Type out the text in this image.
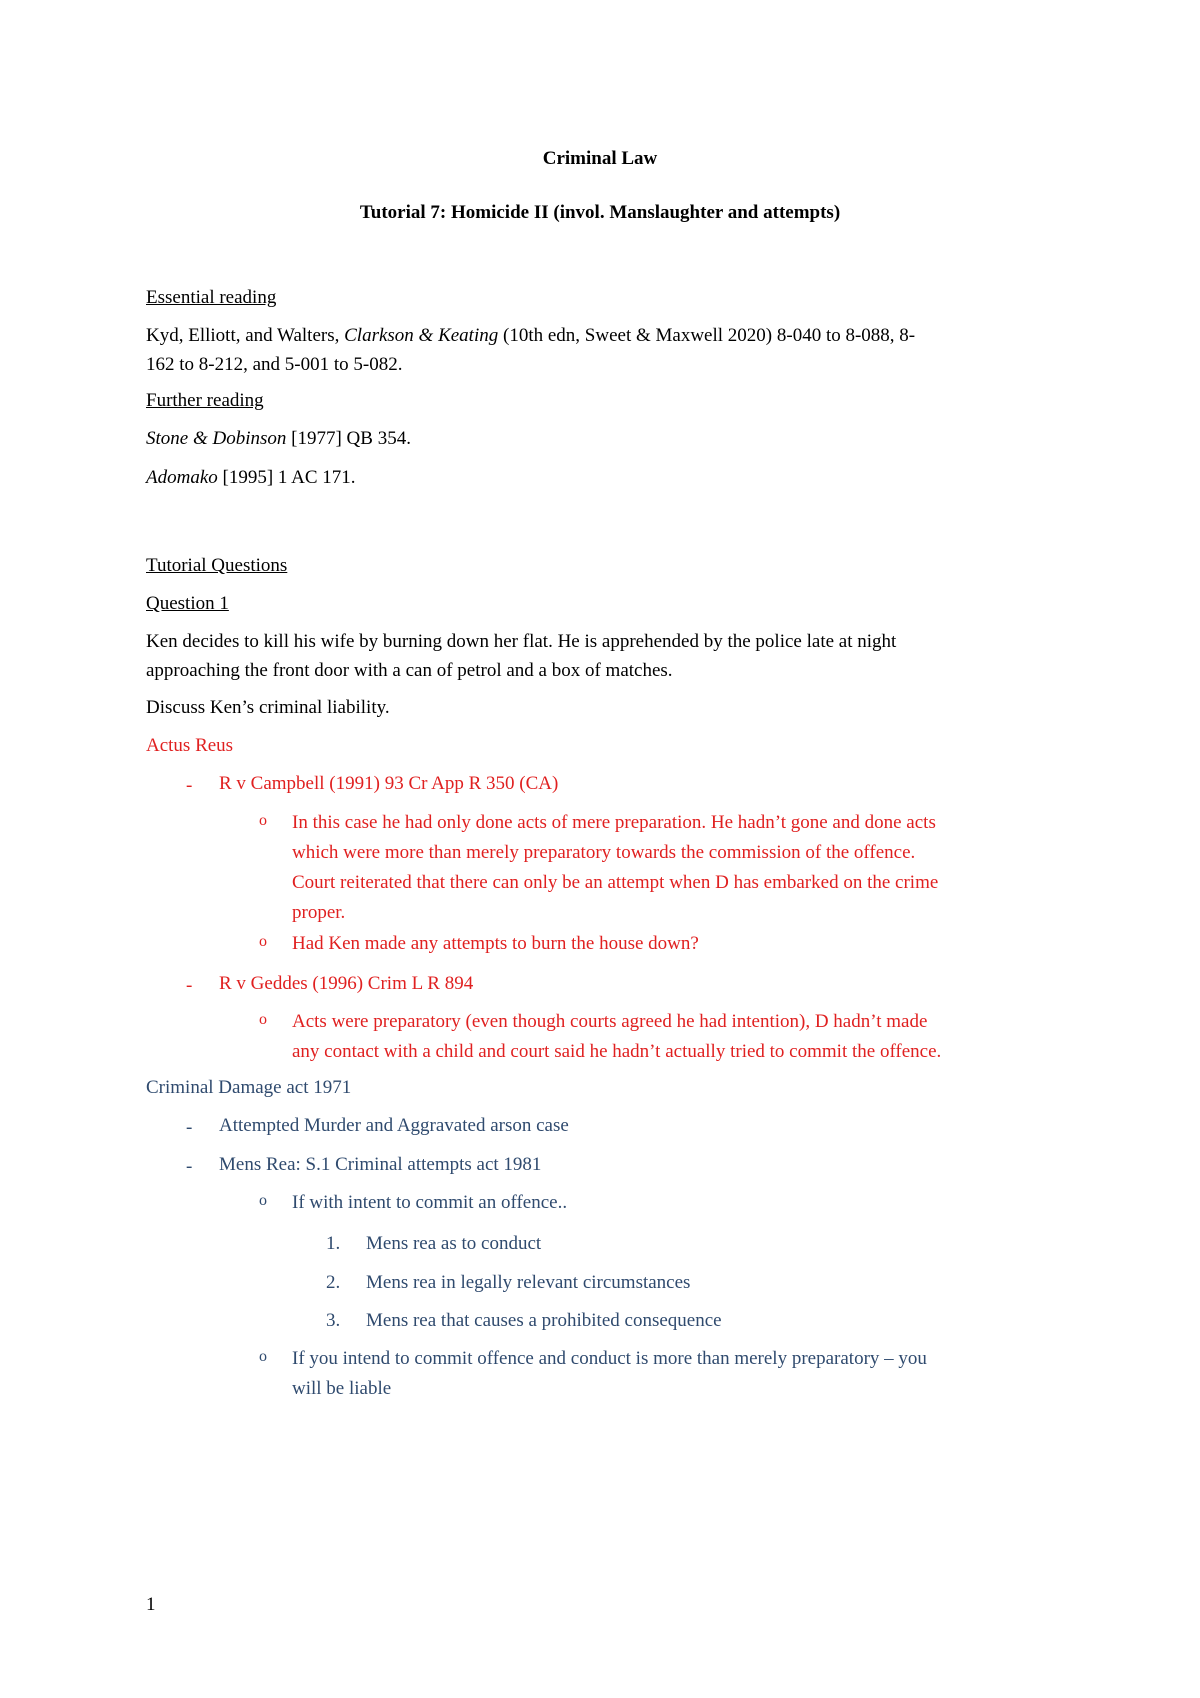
Criminal Law
Tutorial 7: Homicide II (invol. Manslaughter and attempts)
Essential reading
Kyd, Elliott, and Walters, Clarkson & Keating (10th edn, Sweet & Maxwell 2020) 8-040 to 8-088, 8-
162 to 8-212, and 5-001 to 5-082.
Further reading
Stone & Dobinson [1977] QB 354.
Adomako [1995] 1 AC 171.
Tutorial Questions
Question 1
Ken decides to kill his wife by burning down her flat. He is apprehended by the police late at night
approaching the front door with a can of petrol and a box of matches.
Discuss Ken’s criminal liability.
Actus Reus
- R v Campbell (1991) 93 Cr App R 350 (CA)
o In this case he had only done acts of mere preparation. He hadn’t gone and done acts
which were more than merely preparatory towards the commission of the offence.
Court reiterated that there can only be an attempt when D has embarked on the crime
proper.
o Had Ken made any attempts to burn the house down?
- R v Geddes (1996) Crim L R 894
o Acts were preparatory (even though courts agreed he had intention), D hadn’t made
any contact with a child and court said he hadn’t actually tried to commit the offence.
Criminal Damage act 1971
- Attempted Murder and Aggravated arson case
- Mens Rea: S.1 Criminal attempts act 1981
o If with intent to commit an offence..
1. Mens rea as to conduct
2. Mens rea in legally relevant circumstances
3. Mens rea that causes a prohibited consequence
o If you intend to commit offence and conduct is more than merely preparatory – you
will be liable
1
